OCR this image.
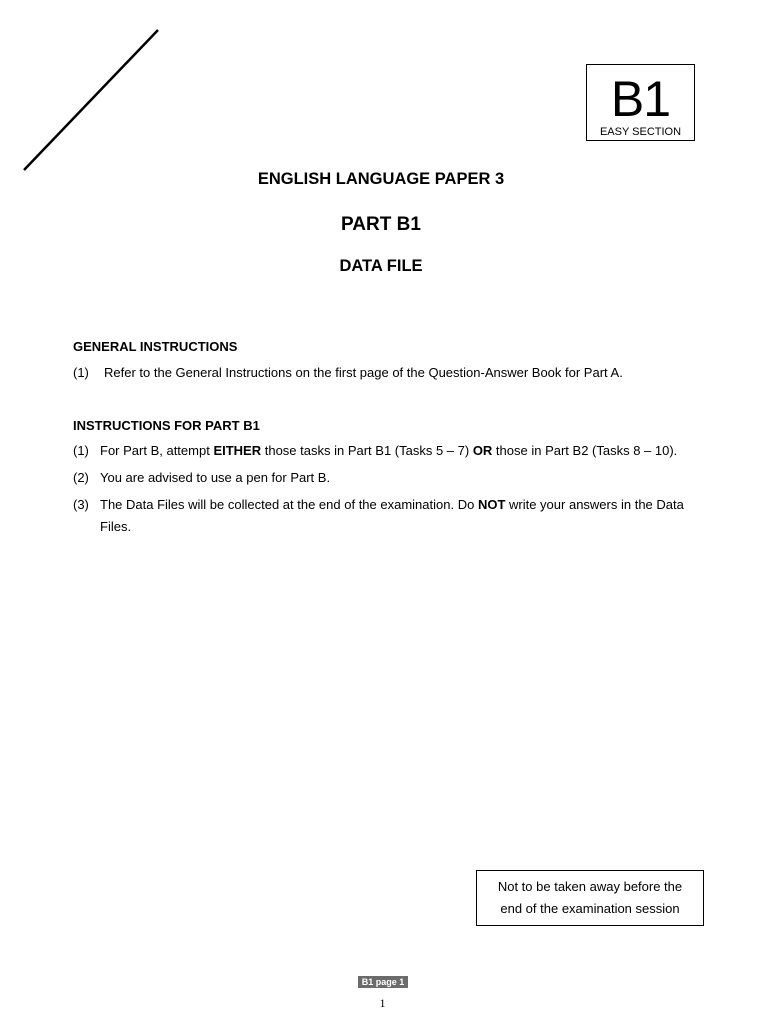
B1
EASY SECTION
ENGLISH LANGUAGE PAPER 3
PART B1
DATA FILE
GENERAL INSTRUCTIONS
(1)	Refer to the General Instructions on the first page of the Question-Answer Book for Part A.
INSTRUCTIONS FOR PART B1
(1) For Part B, attempt EITHER those tasks in Part B1 (Tasks 5 – 7) OR those in Part B2 (Tasks 8 – 10).
(2) You are advised to use a pen for Part B.
(3) The Data Files will be collected at the end of the examination. Do NOT write your answers in the Data Files.
Not to be taken away before the
end of the examination session
B1 page 1
1
